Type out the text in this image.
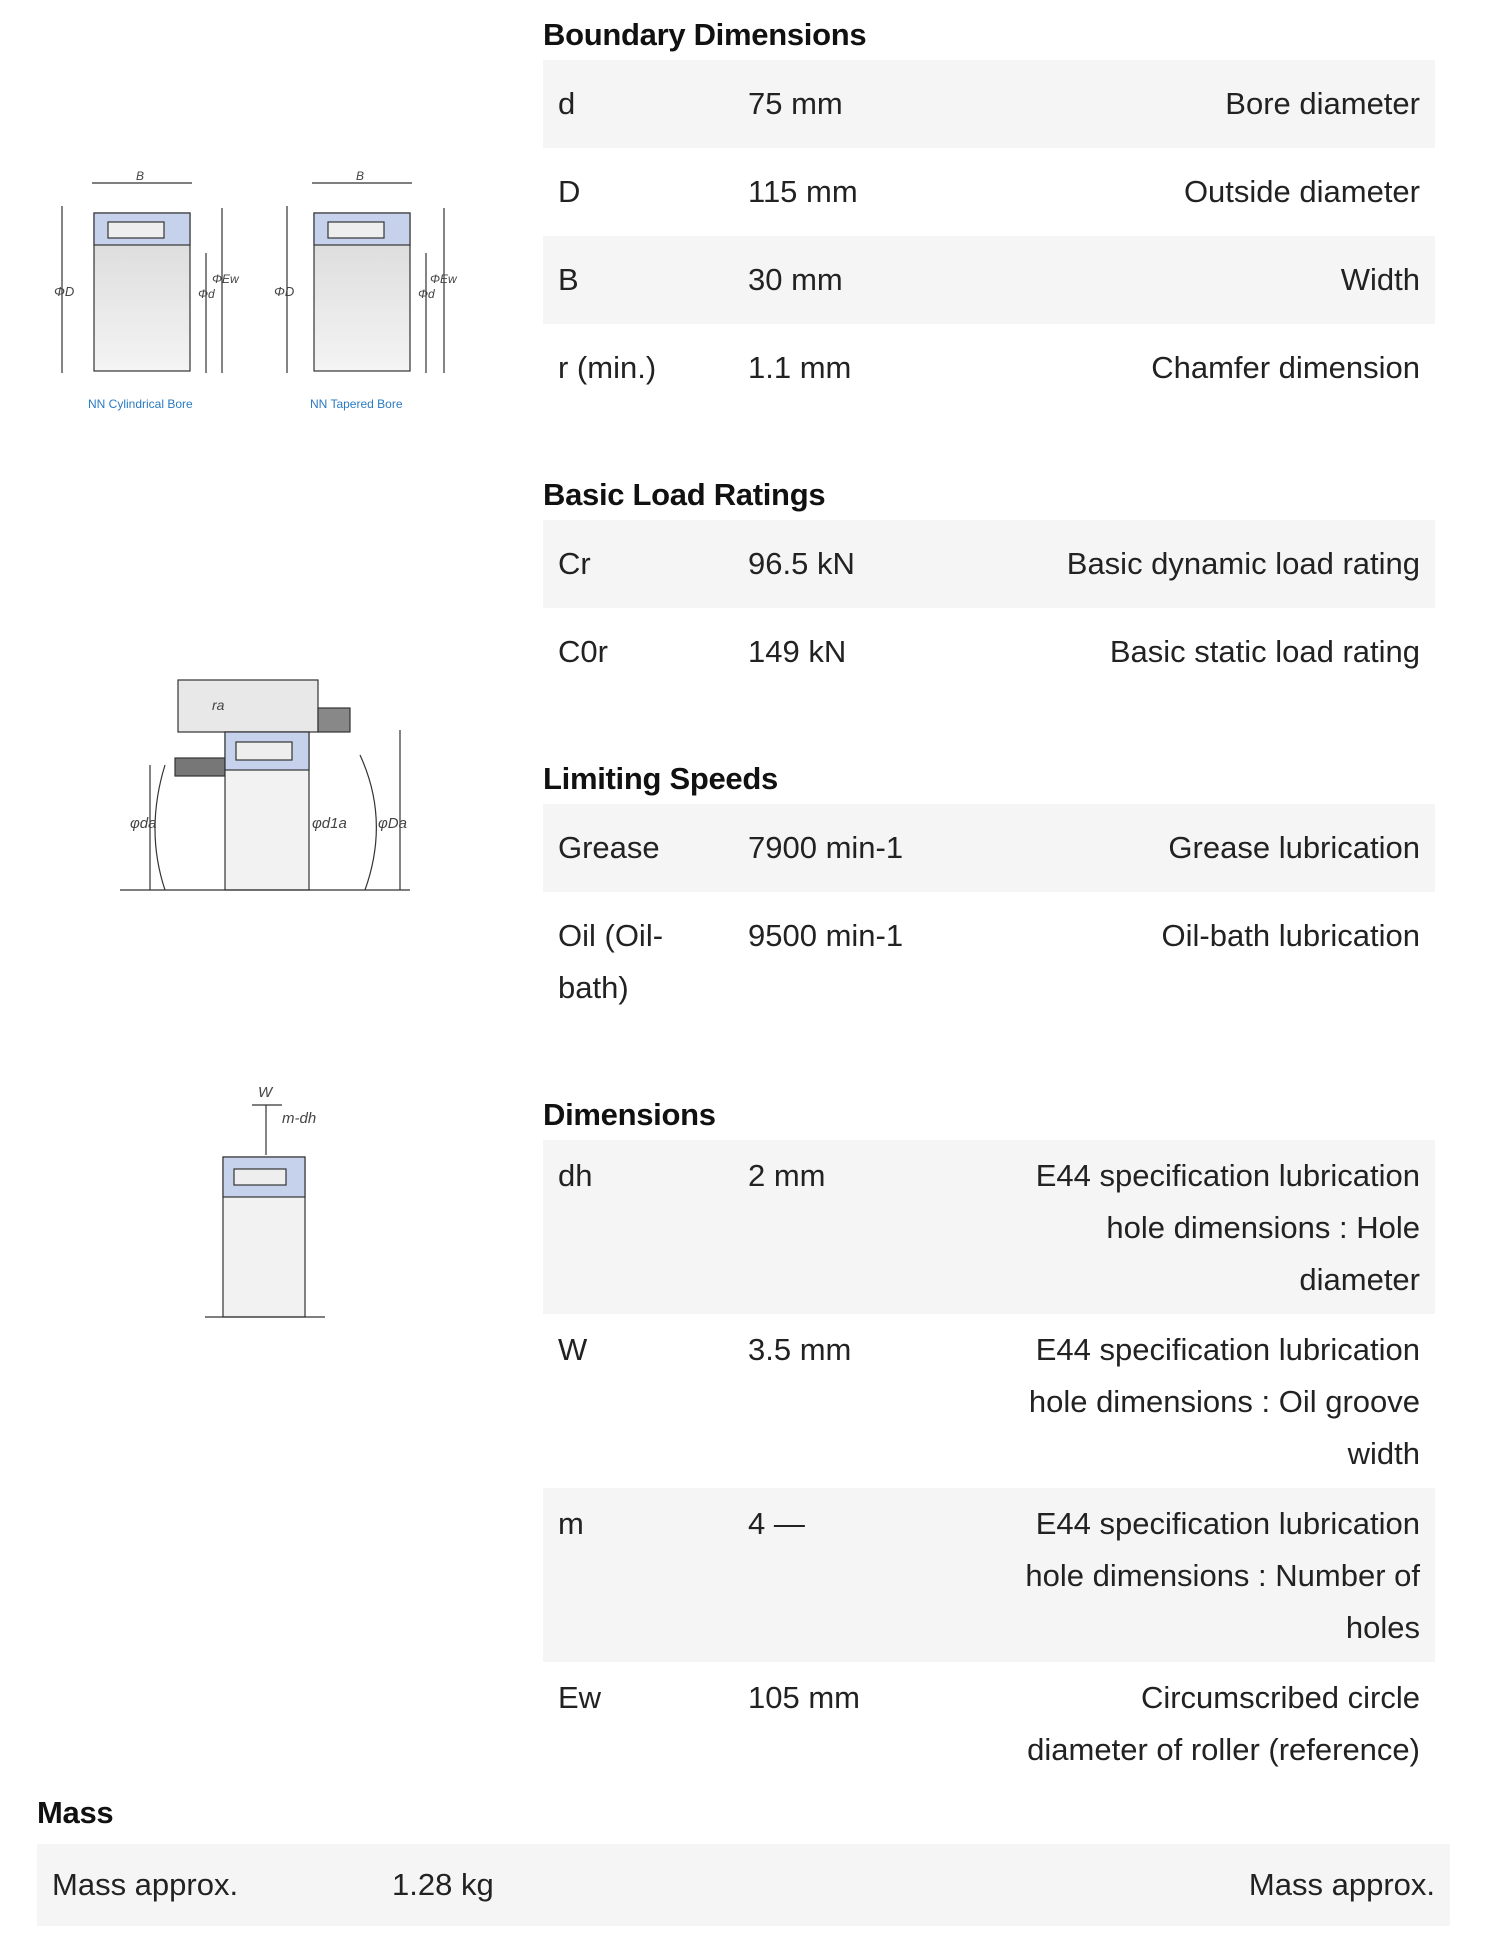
B
ΦD
ΦEw
Φd
NN Cylindrical Bore
B
ΦD
ΦEw
Φd
NN Tapered Bore
φda	φd1a φDa
ra
W
m-dh
Boundary Dimensions
d	75 mm	Bore diameter
D	115 mm	Outside diameter
B	30 mm	Width
r (min.)	1.1 mm	Chamfer dimension
Basic Load Ratings
Cr	96.5 kN	Basic dynamic load rating
C0r	149 kN	Basic static load rating
Limiting Speeds
Grease	7900 min-1	Grease lubrication
Oil (Oil-bath)	9500 min-1	Oil-bath lubrication
Dimensions
dh	2 mm	E44 specification lubrication hole dimensions : Hole diameter
W	3.5 mm	E44 specification lubrication hole dimensions : Oil groove width
m	4 —	E44 specification lubrication hole dimensions : Number of holes
Ew	105 mm	Circumscribed circle diameter of roller (reference)
Mass
Mass approx.	1.28 kg	Mass approx.
